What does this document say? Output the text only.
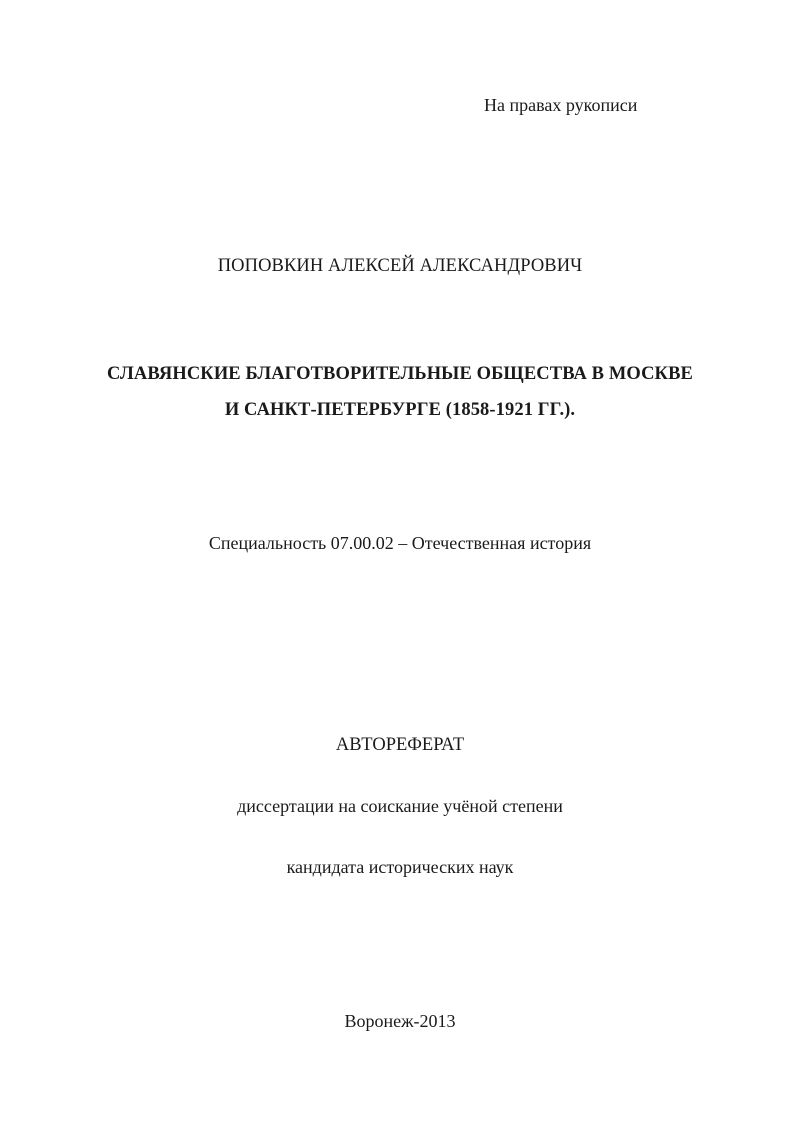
На правах рукописи
ПОПОВКИН АЛЕКСЕЙ АЛЕКСАНДРОВИЧ
СЛАВЯНСКИЕ БЛАГОТВОРИТЕЛЬНЫЕ ОБЩЕСТВА В МОСКВЕ
И САНКТ-ПЕТЕРБУРГЕ (1858-1921 ГГ.).
Специальность 07.00.02 – Отечественная история
АВТОРЕФЕРАТ
диссертации на соискание учёной степени
кандидата исторических наук
Воронеж-2013
